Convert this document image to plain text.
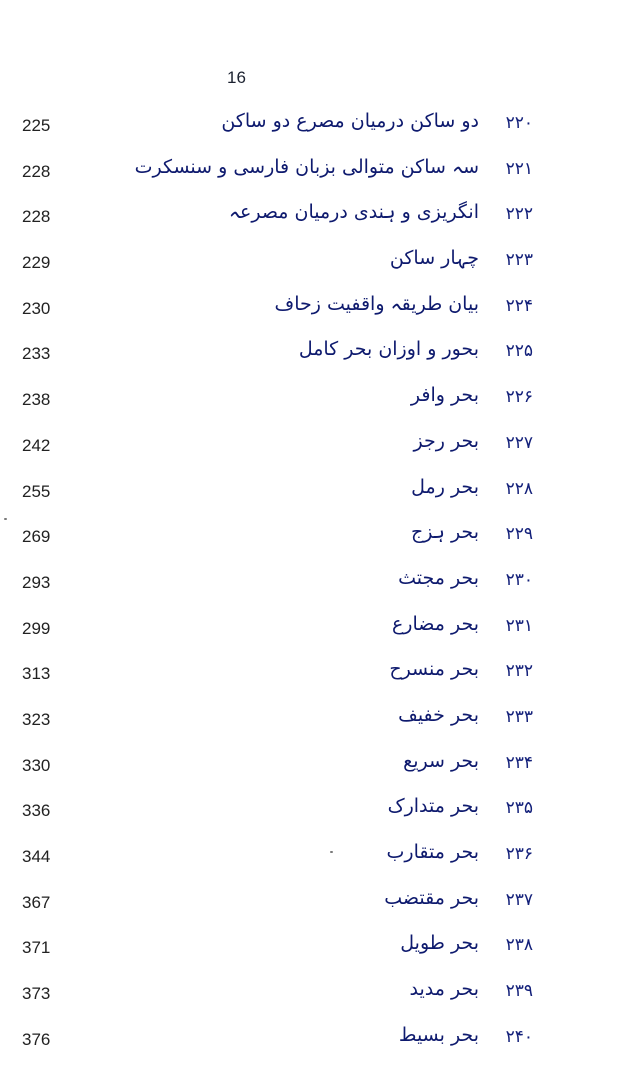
16
225	دو ساکن درمیان مصرع دو ساکن ۲۲۰
228	سہ ساکن متوالی بزبان فارسی و سنسکرت ۲۲۱
228	انگریزی و ہندی درمیان مصرعہ ۲۲۲
229	چہار ساکن ۲۲۳
230	بیان طریقہ واقفیت زحاف ۲۲۴
233	بحور و اوزان بحر کامل ۲۲۵
238	بحر وافر ۲۲۶
242	بحر رجز ۲۲۷
255	بحر رمل ۲۲۸
269	بحر ہزج ۲۲۹
293	بحر مجتث ۲۳۰
299	بحر مضارع ۲۳۱
313	بحر منسرح ۲۳۲
323	بحر خفیف ۲۳۳
330	بحر سریع ۲۳۴
336	بحر متدارک ۲۳۵
344	بحر متقارب ۲۳۶
367	بحر مقتضب ۲۳۷
371	بحر طویل ۲۳۸
373	بحر مدید ۲۳۹
376	بحر بسیط ۲۴۰
